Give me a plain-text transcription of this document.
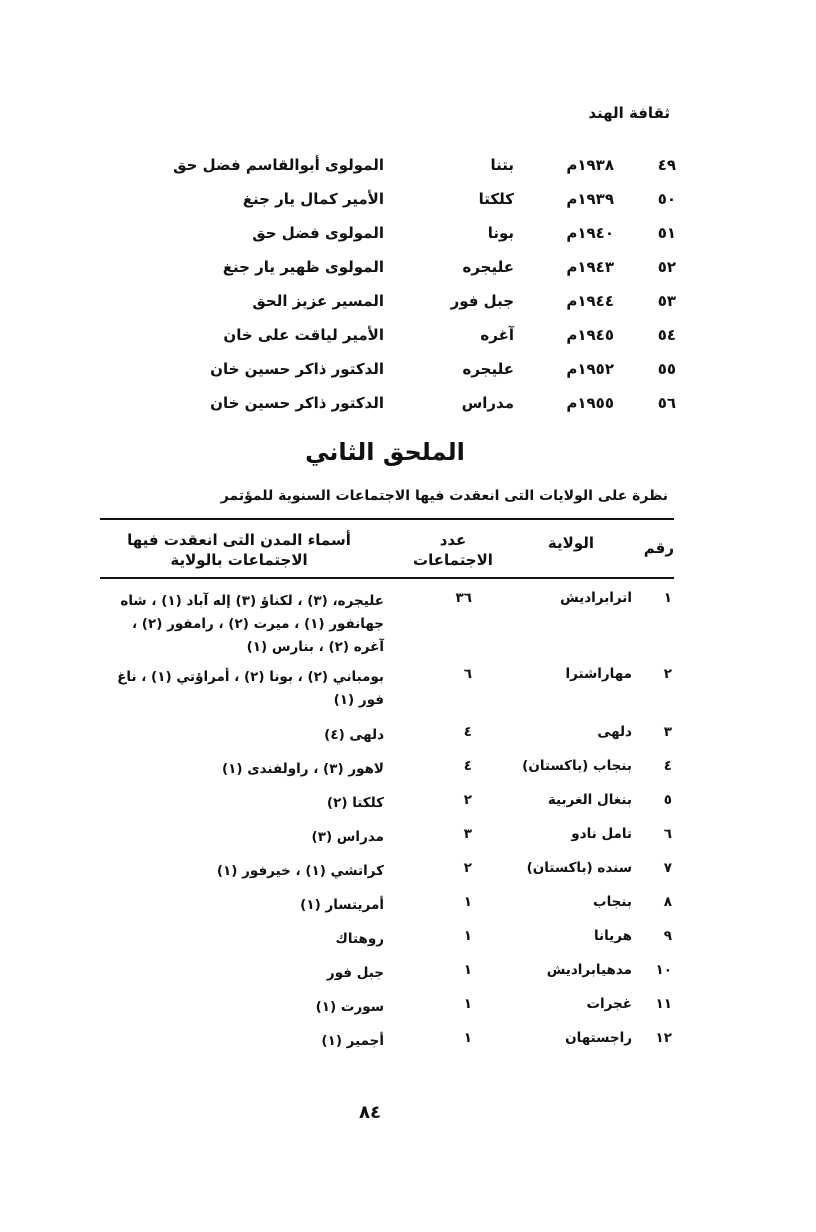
ثقافة الهند
٤٩
١٩٣٨م
بتنا
المولوى أبوالقاسم فضل حق
٥٠
١٩٣٩م
كلكتا
الأمير كمال يار جنغ
٥١
١٩٤٠م
بونا
المولوى فضل حق
٥٢
١٩٤٣م
عليجره
المولوى ظهير يار جنغ
٥٣
١٩٤٤م
جبل فور
المسير عزيز الحق
٥٤
١٩٤٥م
آغره
الأمير لياقت على خان
٥٥
١٩٥٢م
عليجره
الدكتور ذاكر حسين خان
٥٦
١٩٥٥م
مدراس
الدكتور ذاكر حسين خان
الملحق الثاني
نظرة على الولايات التى انعقدت فيها الاجتماعات السنوية للمؤتمر
رقم
الولاية
عدد الاجتماعات
أسماء المدن التى انعقدت فيها الاجتماعات بالولاية
١
اترابراديش
٣٦
عليجره، (٣) ، لكناؤ (٣) إله آباد (١) ، شاه جهانفور (١) ، ميرت (٢) ، رامفور (٢) ، آغره (٢) ، بنارس (١)
٢
مهاراشترا
٦
بومباني (٢) ، بونا (٢) ، أمراؤتي (١) ، ناغ فور (١)
٣
دلهى
٤
دلهى (٤)
٤
بنجاب (باكستان)
٤
لاهور (٣) ، راولفندى (١)
٥
بنغال الغربية
٢
كلكتا (٢)
٦
تامل نادو
٣
مدراس (٣)
٧
سنده (باكستان)
٢
كراتشي (١) ، خيرفور (١)
٨
بنجاب
١
أمريتسار (١)
٩
هريانا
١
روهتاك
١٠
مدهيابراديش
١
جبل فور
١١
غجرات
١
سورت (١)
١٢
راجستهان
١
أجمير (١)
٨٤
